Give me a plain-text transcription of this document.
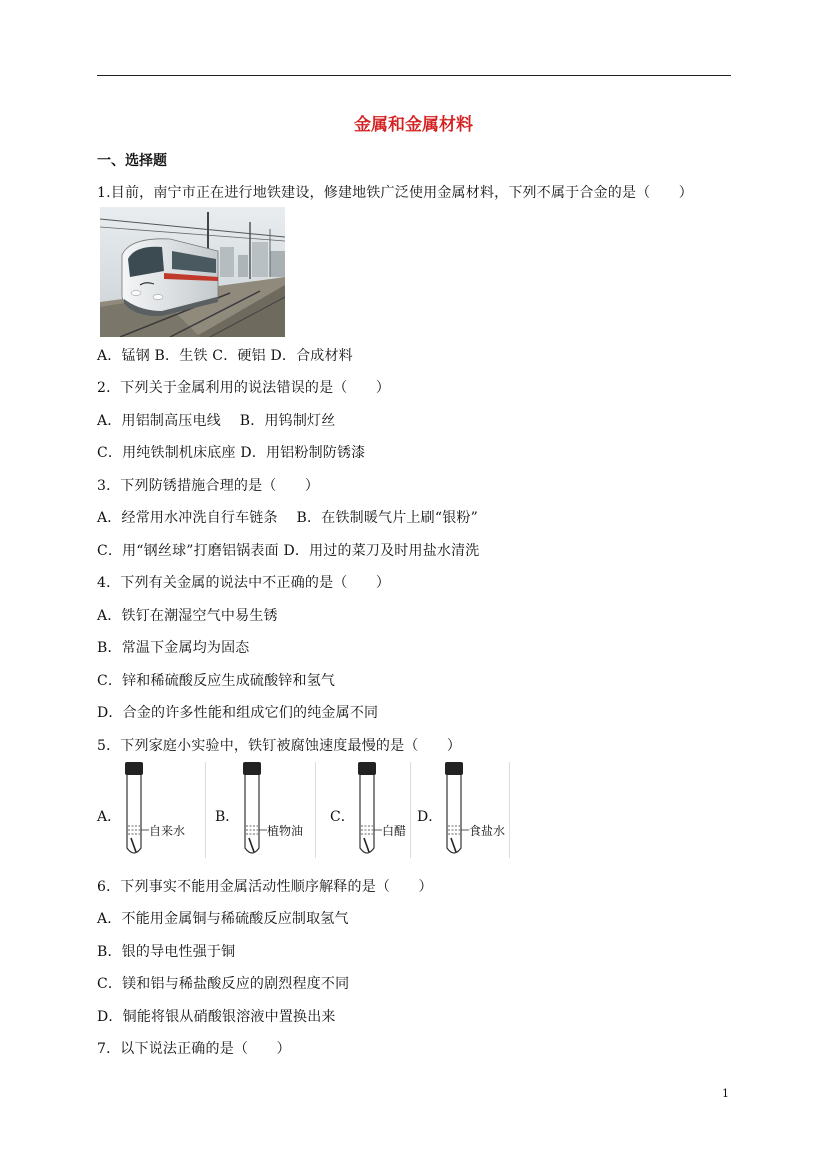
金属和金属材料
一、选择题
1.目前，南宁市正在进行地铁建设，修建地铁广泛使用金属材料，下列不属于合金的是（　　）
A．锰钢 B．生铁 C．硬铝 D．合成材料
2．下列关于金属利用的说法错误的是（　　）
A．用铝制高压电线　 B．用钨制灯丝
C．用纯铁制机床底座 D．用铝粉制防锈漆
3．下列防锈措施合理的是（　　）
A．经常用水冲洗自行车链条　 B．在铁制暖气片上刷“银粉”
C．用“钢丝球”打磨铝锅表面 D．用过的菜刀及时用盐水清洗
4．下列有关金属的说法中不正确的是（　　）
A．铁钉在潮湿空气中易生锈
B．常温下金属均为固态
C．锌和稀硫酸反应生成硫酸锌和氢气
D．合金的许多性能和组成它们的纯金属不同
5．下列家庭小实验中，铁钉被腐蚀速度最慢的是（　　）
A．
自来水
B．
植物油
C．
白醋
D．
食盐水
6．下列事实不能用金属活动性顺序解释的是（　　）
A．不能用金属铜与稀硫酸反应制取氢气
B．银的导电性强于铜
C．镁和铝与稀盐酸反应的剧烈程度不同
D．铜能将银从硝酸银溶液中置换出来
7．以下说法正确的是（　　）
1
